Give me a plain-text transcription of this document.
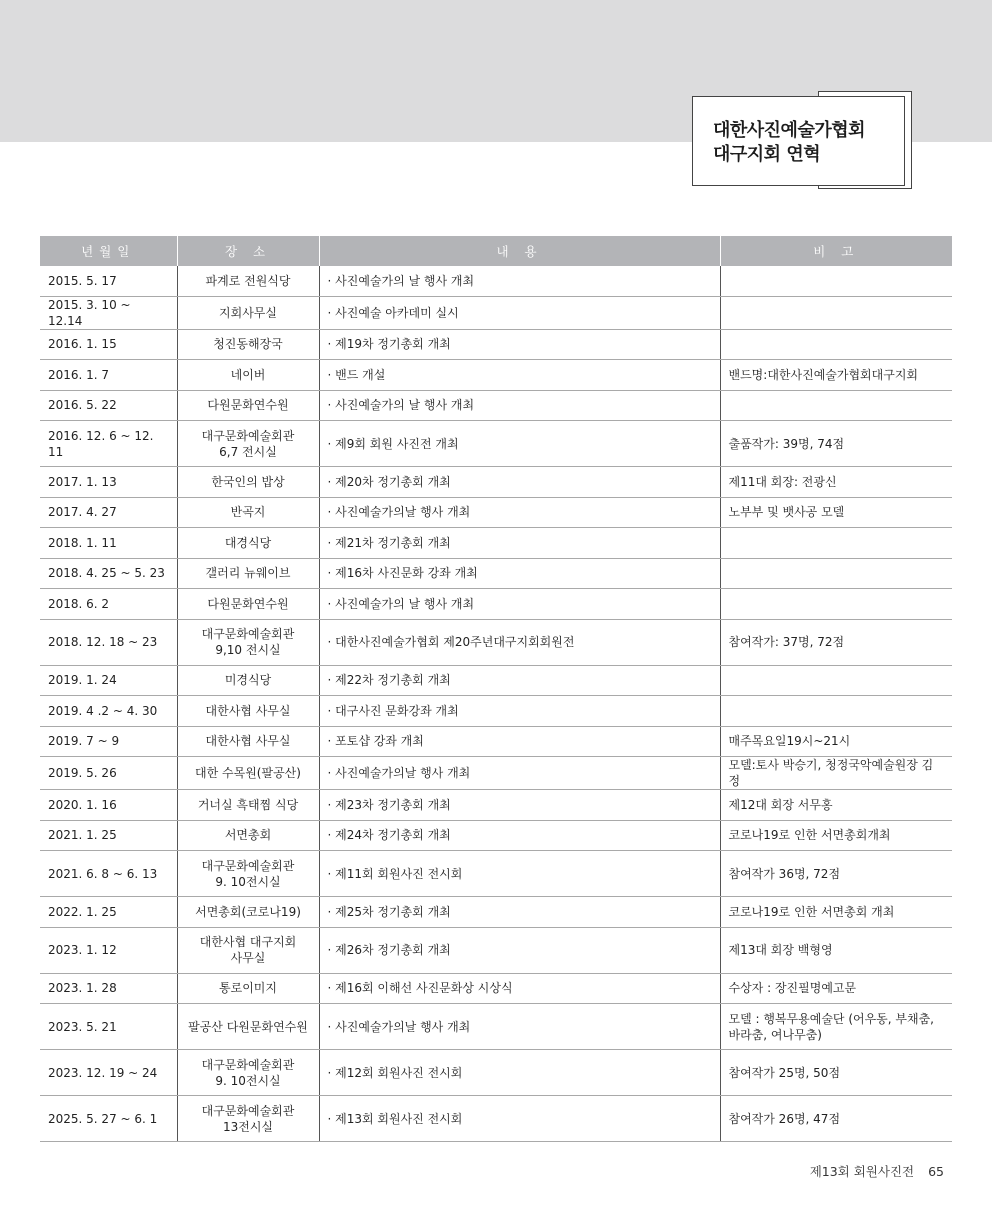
대한사진예술가협회
대구지회 연혁
년월일	장 소	내 용	비 고

2015. 5. 17	파계로 전원식당	· 사진예술가의 날 행사 개최	

2015. 3. 10 ~ 12.14	지회사무실	· 사진예술 아카데미 실시	

2016. 1. 15	청진동해장국	· 제19차 정기총회 개최	

2016. 1. 7	네이버	· 밴드 개설	밴드명:대한사진예술가협회대구지회

2016. 5. 22	다원문화연수원	· 사진예술가의 날 행사 개최	

2016. 12. 6 ~ 12. 11	대구문화예술회관
6,7 전시실	· 제9회 회원 사진전 개최	출품작가: 39명, 74점

2017. 1. 13	한국인의 밥상	· 제20차 정기총회 개최	제11대 회장: 전광신

2017. 4. 27	반곡지	· 사진예술가의날 행사 개최	노부부 및 뱃사공 모델

2018. 1. 11	대경식당	· 제21차 정기총회 개최	

2018. 4. 25 ~ 5. 23	갤러리 뉴웨이브	· 제16차 사진문화 강좌 개최	

2018. 6. 2	다원문화연수원	· 사진예술가의 날 행사 개최	

2018. 12. 18 ~ 23	대구문화예술회관
9,10 전시실	· 대한사진예술가협회 제20주년대구지회회원전	참여작가: 37명, 72점

2019. 1. 24	미경식당	· 제22차 정기총회 개최	

2019. 4 .2 ~ 4. 30	대한사협 사무실	· 대구사진 문화강좌 개최	

2019. 7 ~ 9	대한사협 사무실	· 포토샵 강좌 개최	매주목요일19시~21시

2019. 5. 26	대한 수목원(팔공산)	· 사진예술가의날 행사 개최	모델:토사 박승기, 청정국악예술원장 김정

2020. 1. 16	거너실 흑태찜 식당	· 제23차 정기총회 개최	제12대 회장 서무홍

2021. 1. 25	서면총회	· 제24차 정기총회 개최	코로나19로 인한 서면총회개최

2021. 6. 8 ~ 6. 13	대구문화예술회관
9. 10전시실	· 제11회 회원사진 전시회	참여작가 36명, 72점

2022. 1. 25	서면총회(코로나19)	· 제25차 정기총회 개최	코로나19로 인한 서면총회 개최

2023. 1. 12	대한사협 대구지회
사무실	· 제26차 정기총회 개최	제13대 회장 백형영

2023. 1. 28	통로이미지	· 제16회 이해선 사진문화상 시상식	수상자 : 장진필명예고문

2023. 5. 21	팔공산 다원문화연수원	· 사진예술가의날 행사 개최	모델 : 행복무용예술단 (어우동, 부채춤,
바라춤, 여나무춤)

2023. 12. 19 ~ 24	대구문화예술회관
9. 10전시실	· 제12회 회원사진 전시회	참여작가 25명, 50점

2025. 5. 27 ~ 6. 1	대구문화예술회관
13전시실	· 제13회 회원사진 전시회	참여작가 26명, 47점
제13회 회원사진전 65
